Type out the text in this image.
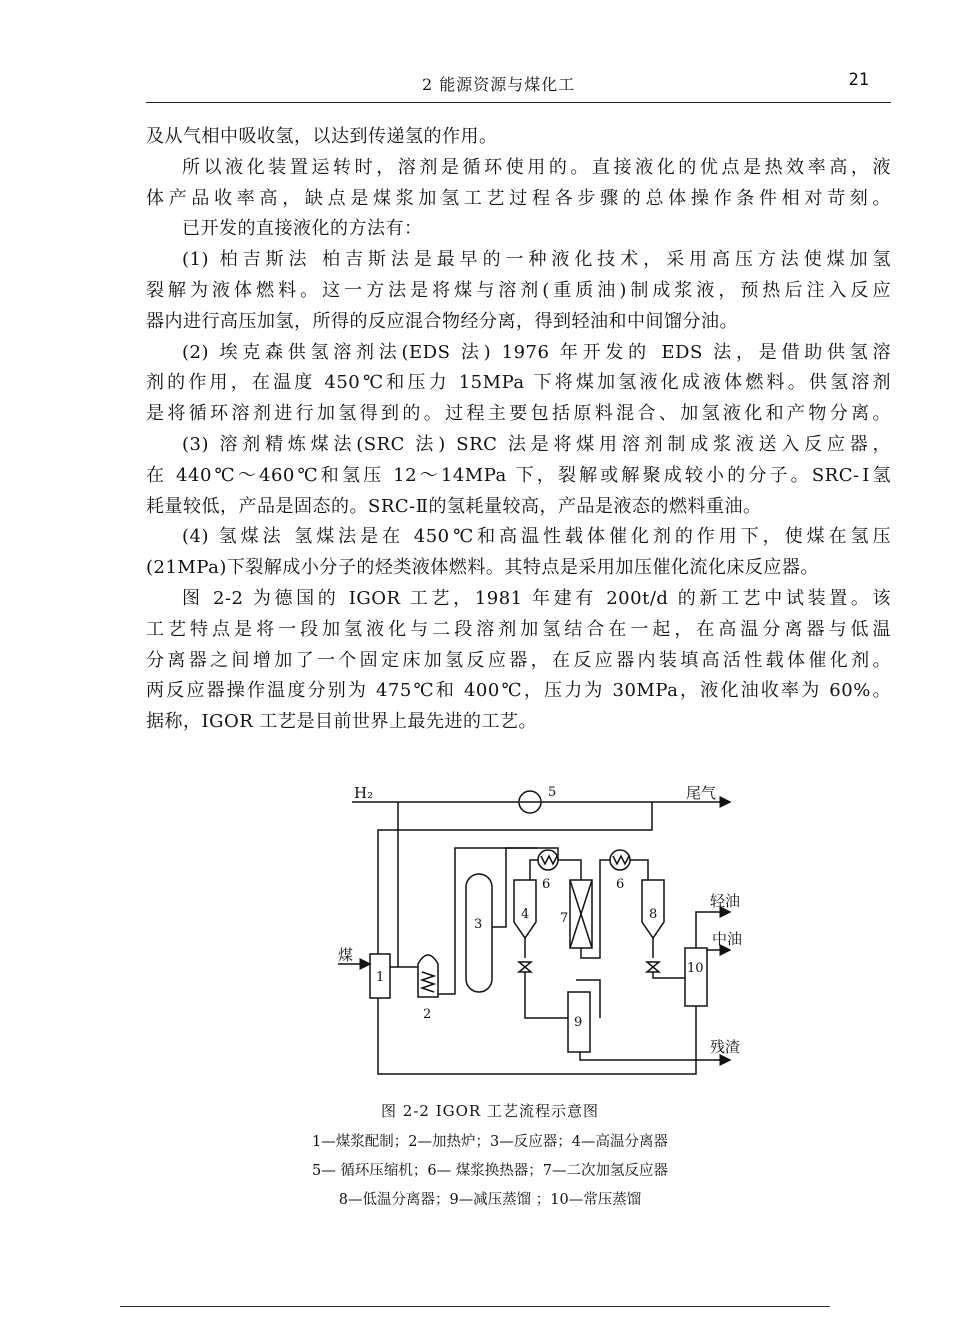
2 能源资源与煤化工	21

及从气相中吸收氢，以达到传递氢的作用。

所以液化装置运转时，溶剂是循环使用的。直接液化的优点是热效率高，液

体产品收率高，缺点是煤浆加氢工艺过程各步骤的总体操作条件相对苛刻。

已开发的直接液化的方法有：

(1) 柏吉斯法 柏吉斯法是最早的一种液化技术，采用高压方法使煤加氢

裂解为液体燃料。这一方法是将煤与溶剂(重质油)制成浆液，预热后注入反应

器内进行高压加氢，所得的反应混合物经分离，得到轻油和中间馏分油。

(2) 埃克森供氢溶剂法(EDS 法) 1976 年开发的 EDS 法，是借助供氢溶

剂的作用，在温度 450℃和压力 15MPa 下将煤加氢液化成液体燃料。供氢溶剂

是将循环溶剂进行加氢得到的。过程主要包括原料混合、加氢液化和产物分离。

(3) 溶剂精炼煤法(SRC 法) SRC 法是将煤用溶剂制成浆液送入反应器，

在 440℃～460℃和氢压 12～14MPa 下，裂解或解聚成较小的分子。SRC-Ⅰ氢

耗量较低，产品是固态的。SRC-Ⅱ的氢耗量较高，产品是液态的燃料重油。

(4) 氢煤法 氢煤法是在 450℃和高温性载体催化剂的作用下，使煤在氢压

(21MPa)下裂解成小分子的烃类液体燃料。其特点是采用加压催化流化床反应器。

图 2-2 为德国的 IGOR 工艺，1981 年建有 200t/d 的新工艺中试装置。该

工艺特点是将一段加氢液化与二段溶剂加氢结合在一起，在高温分离器与低温

分离器之间增加了一个固定床加氢反应器，在反应器内装填高活性载体催化剂。

两反应器操作温度分别为 475℃和 400℃，压力为 30MPa，液化油收率为 60%。

据称，IGOR 工艺是目前世界上最先进的工艺。

H₂	尾气
5
煤
1
2
3
4
6	6
7	8
9
10
轻油
中油
残渣
图 2-2 IGOR 工艺流程示意图
1—煤浆配制；2—加热炉；3—反应器；4—高温分离器
5— 循环压缩机；6— 煤浆换热器；7—二次加氢反应器
8—低温分离器；9—减压蒸馏 ；10—常压蒸馏
